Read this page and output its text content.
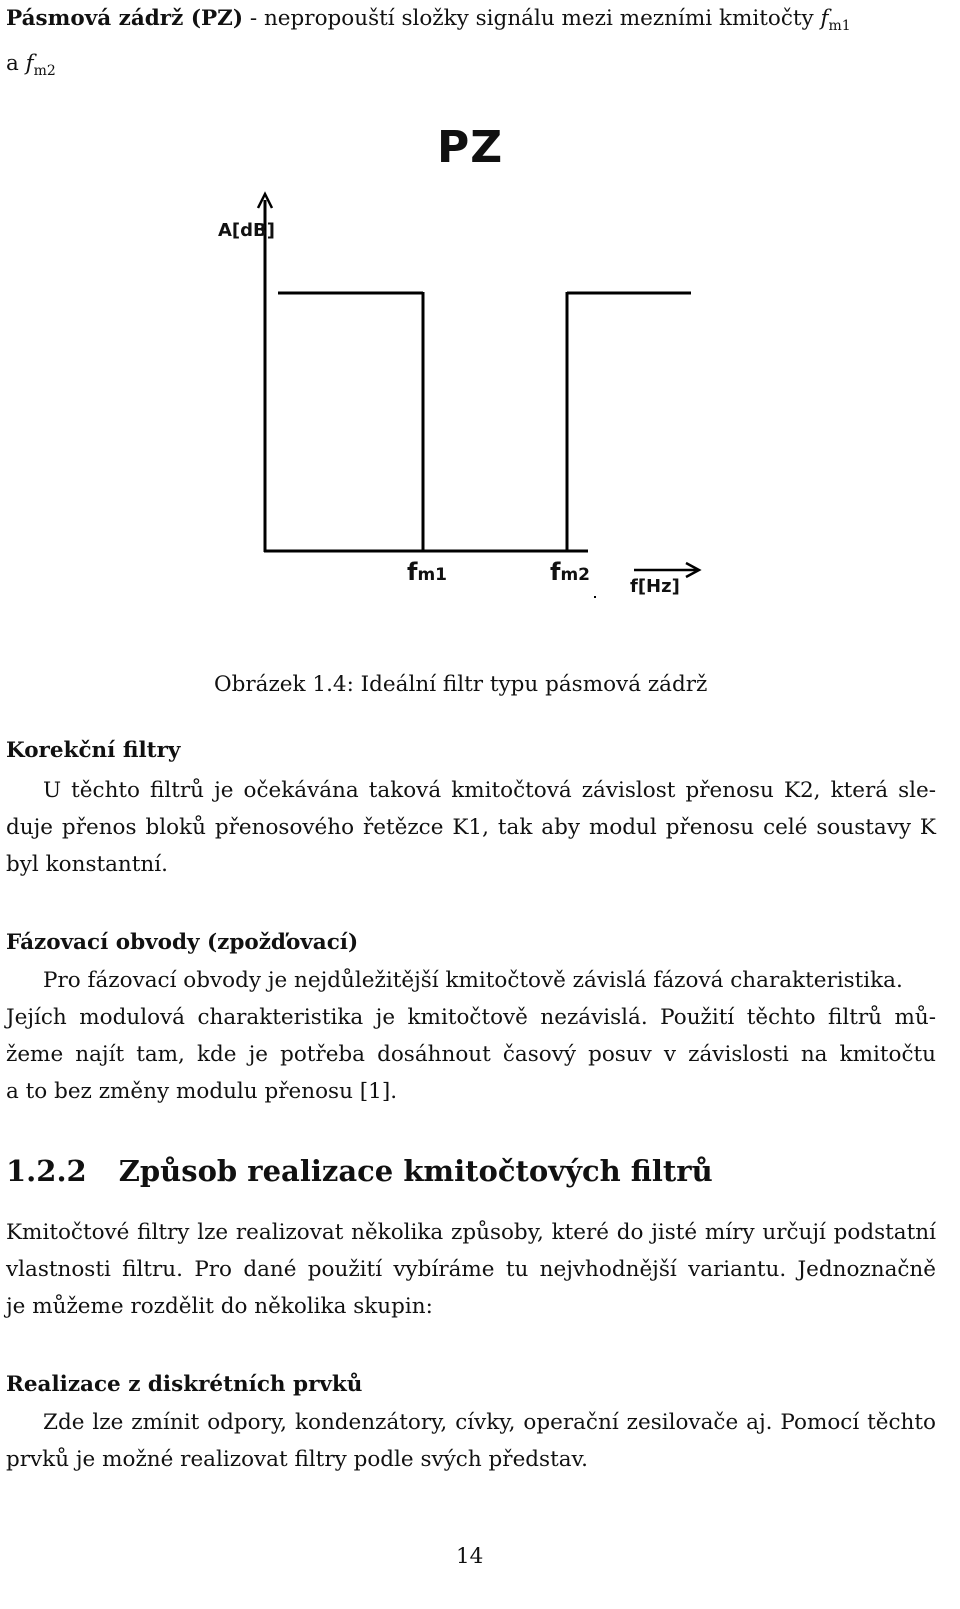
Pásmová zádrž (PZ) - nepropouští složky signálu mezi mezními kmitočty $f_{m1}$
a $f_{m2}$
PZ
A[dB]
fm1	fm2
f[Hz]
Obrázek 1.4: Ideální filtr typu pásmová zádrž
Korekční filtry
U těchto filtrů je očekávána taková kmitočtová závislost přenosu K2, která sle-
duje přenos bloků přenosového řetězce K1, tak aby modul přenosu celé soustavy K
byl konstantní.
Fázovací obvody (zpožďovací)
Pro fázovací obvody je nejdůležitější kmitočtově závislá fázová charakteristika.
Jejích modulová charakteristika je kmitočtově nezávislá. Použití těchto filtrů mů-
žeme najít tam, kde je potřeba dosáhnout časový posuv v závislosti na kmitočtu
a to bez změny modulu přenosu [1].
1.2.2 Způsob realizace kmitočtových filtrů
Kmitočtové filtry lze realizovat několika způsoby, které do jisté míry určují podstatní
vlastnosti filtru. Pro dané použití vybíráme tu nejvhodnější variantu. Jednoznačně
je můžeme rozdělit do několika skupin:
Realizace z diskrétních prvků
Zde lze zmínit odpory, kondenzátory, cívky, operační zesilovače aj. Pomocí těchto
prvků je možné realizovat filtry podle svých představ.
14
